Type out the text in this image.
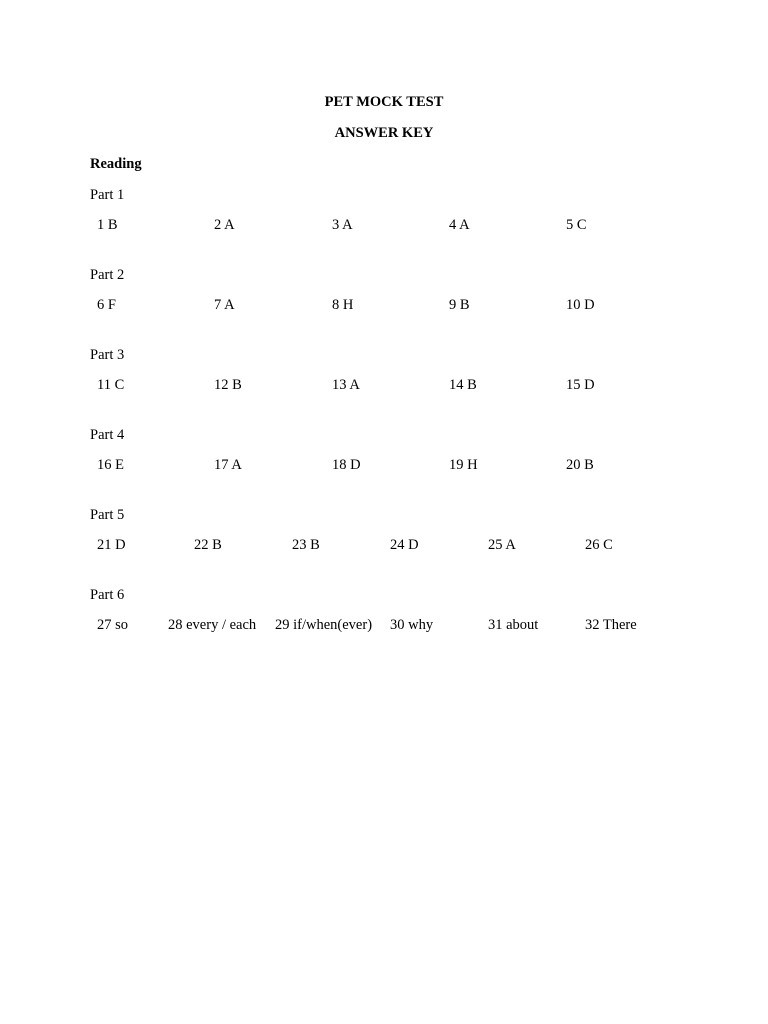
PET MOCK TEST
ANSWER KEY
Reading
Part 1
1 B	2 A	3 A	4 A	5 C
Part 2
6 F	7 A	8 H	9 B	10 D
Part 3
11 C	12 B	13 A	14 B	15 D
Part 4
16 E	17 A	18 D	19 H	20 B
Part 5
21 D	22 B	23 B	24 D	25 A	26 C
Part 6
27 so	28 every / each 29 if/when(ever) 30 why	31 about	32 There
